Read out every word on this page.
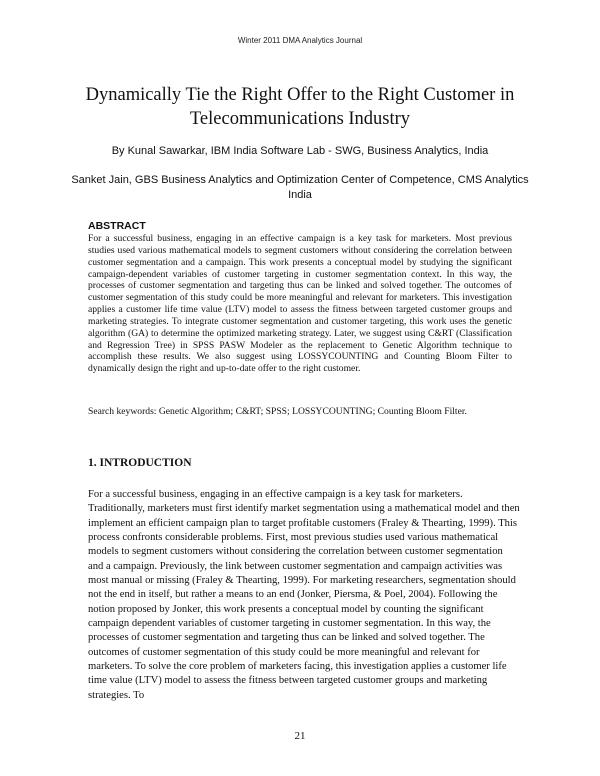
Winter 2011 DMA Analytics Journal
Dynamically Tie the Right Offer to the Right Customer in Telecommunications Industry
By Kunal Sawarkar, IBM India Software Lab - SWG, Business Analytics, India
Sanket Jain, GBS Business Analytics and Optimization Center of Competence, CMS Analytics India
ABSTRACT

For a successful business, engaging in an effective campaign is a key task for marketers. Most previous studies used various mathematical models to segment customers without considering the correlation between customer segmentation and a campaign. This work presents a conceptual model by studying the significant campaign-dependent variables of customer targeting in customer segmentation context. In this way, the processes of customer segmentation and targeting thus can be linked and solved together. The outcomes of customer segmentation of this study could be more meaningful and relevant for marketers. This investigation applies a customer life time value (LTV) model to assess the fitness between targeted customer groups and marketing strategies. To integrate customer segmentation and customer targeting, this work uses the genetic algorithm (GA) to determine the optimized marketing strategy. Later, we suggest using C&RT (Classification and Regression Tree) in SPSS PASW Modeler as the replacement to Genetic Algorithm technique to accomplish these results. We also suggest using LOSSYCOUNTING and Counting Bloom Filter to dynamically design the right and up-to-date offer to the right customer.

Search keywords: Genetic Algorithm; C&RT; SPSS; LOSSYCOUNTING; Counting Bloom Filter.

1. INTRODUCTION

For a successful business, engaging in an effective campaign is a key task for marketers. Traditionally, marketers must first identify market segmentation using a mathematical model and then implement an efficient campaign plan to target profitable customers (Fraley & Thearting, 1999). This process confronts considerable problems. First, most previous studies used various mathematical models to segment customers without considering the correlation between customer segmentation and a campaign. Previously, the link between customer segmentation and campaign activities was most manual or missing (Fraley & Thearting, 1999). For marketing researchers, segmentation should not the end in itself, but rather a means to an end (Jonker, Piersma, & Poel, 2004). Following the notion proposed by Jonker, this work presents a conceptual model by counting the significant campaign dependent variables of customer targeting in customer segmentation. In this way, the processes of customer segmentation and targeting thus can be linked and solved together. The outcomes of customer segmentation of this study could be more meaningful and relevant for marketers. To solve the core problem of marketers facing, this investigation applies a customer life time value (LTV) model to assess the fitness between targeted customer groups and marketing strategies. To

21
